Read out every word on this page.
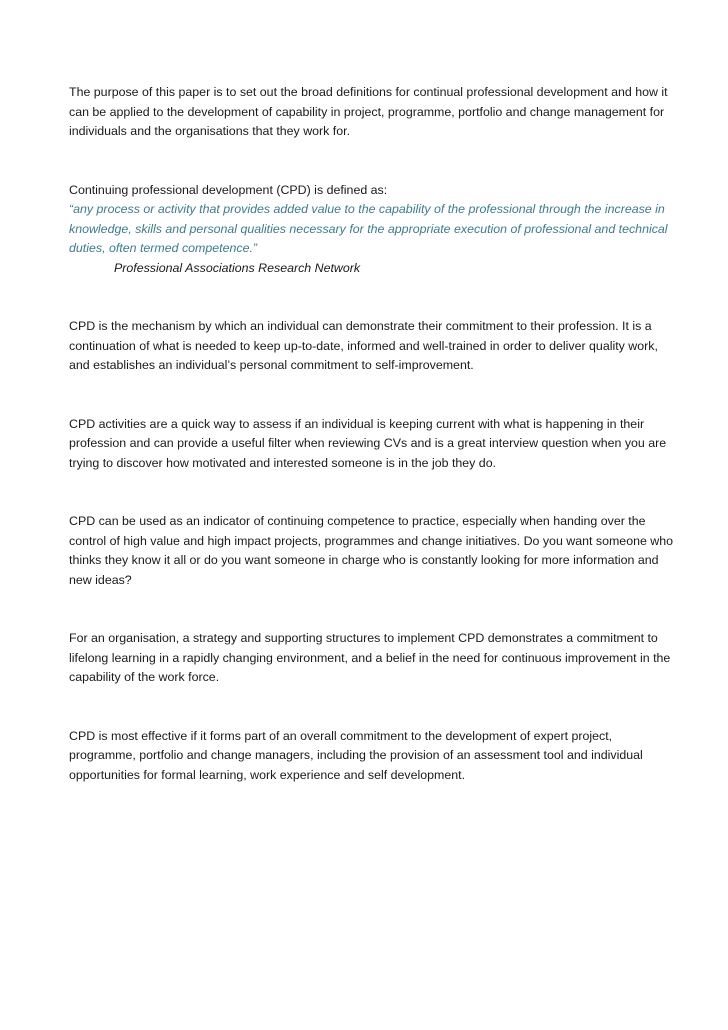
The purpose of this paper is to set out the broad definitions for continual professional development and how it can be applied to the development of capability in project, programme, portfolio and change management for individuals and the organisations that they work for.

Continuing professional development (CPD) is defined as:

“any process or activity that provides added value to the capability of the professional through the increase in knowledge, skills and personal qualities necessary for the appropriate execution of professional and technical duties, often termed competence.”

Professional Associations Research Network

CPD is the mechanism by which an individual can demonstrate their commitment to their profession. It is a continuation of what is needed to keep up-to-date, informed and well-trained in order to deliver quality work, and establishes an individual’s personal commitment to self-improvement.

CPD activities are a quick way to assess if an individual is keeping current with what is happening in their profession and can provide a useful filter when reviewing CVs and is a great interview question when you are trying to discover how motivated and interested someone is in the job they do.

CPD can be used as an indicator of continuing competence to practice, especially when handing over the control of high value and high impact projects, programmes and change initiatives. Do you want someone who thinks they know it all or do you want someone in charge who is constantly looking for more information and new ideas?

For an organisation, a strategy and supporting structures to implement CPD demonstrates a commitment to lifelong learning in a rapidly changing environment, and a belief in the need for continuous improvement in the capability of the work force.

CPD is most effective if it forms part of an overall commitment to the development of expert project, programme, portfolio and change managers, including the provision of an assessment tool and individual opportunities for formal learning, work experience and self development.
